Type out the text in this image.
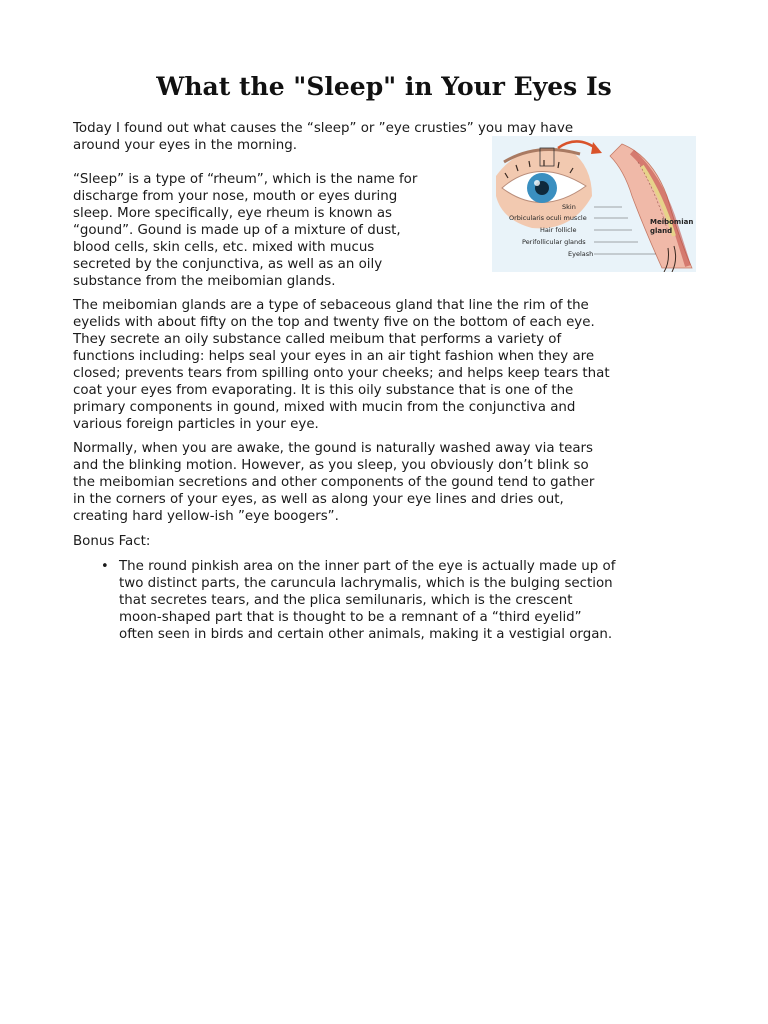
What the "Sleep" in Your Eyes Is
Today I found out what causes the “sleep” or ”eye crusties” you may have
around your eyes in the morning.
“Sleep” is a type of “rheum”, which is the name for
discharge from your nose, mouth or eyes during
sleep. More specifically, eye rheum is known as
“gound”. Gound is made up of a mixture of dust,
blood cells, skin cells, etc. mixed with mucus
secreted by the conjunctiva, as well as an oily
substance from the meibomian glands.
Skin
Orbicularis oculi muscle
Hair follicle
Perifollicular glands
Eyelash
Meibomian
gland
The meibomian glands are a type of sebaceous gland that line the rim of the
eyelids with about fifty on the top and twenty five on the bottom of each eye.
They secrete an oily substance called meibum that performs a variety of
functions including: helps seal your eyes in an air tight fashion when they are
closed; prevents tears from spilling onto your cheeks; and helps keep tears that
coat your eyes from evaporating. It is this oily substance that is one of the
primary components in gound, mixed with mucin from the conjunctiva and
various foreign particles in your eye.
Normally, when you are awake, the gound is naturally washed away via tears
and the blinking motion. However, as you sleep, you obviously don’t blink so
the meibomian secretions and other components of the gound tend to gather
in the corners of your eyes, as well as along your eye lines and dries out,
creating hard yellow-ish ”eye boogers”.
Bonus Fact:
• The round pinkish area on the inner part of the eye is actually made up of
two distinct parts, the caruncula lachrymalis, which is the bulging section
that secretes tears, and the plica semilunaris, which is the crescent
moon-shaped part that is thought to be a remnant of a “third eyelid”
often seen in birds and certain other animals, making it a vestigial organ.
